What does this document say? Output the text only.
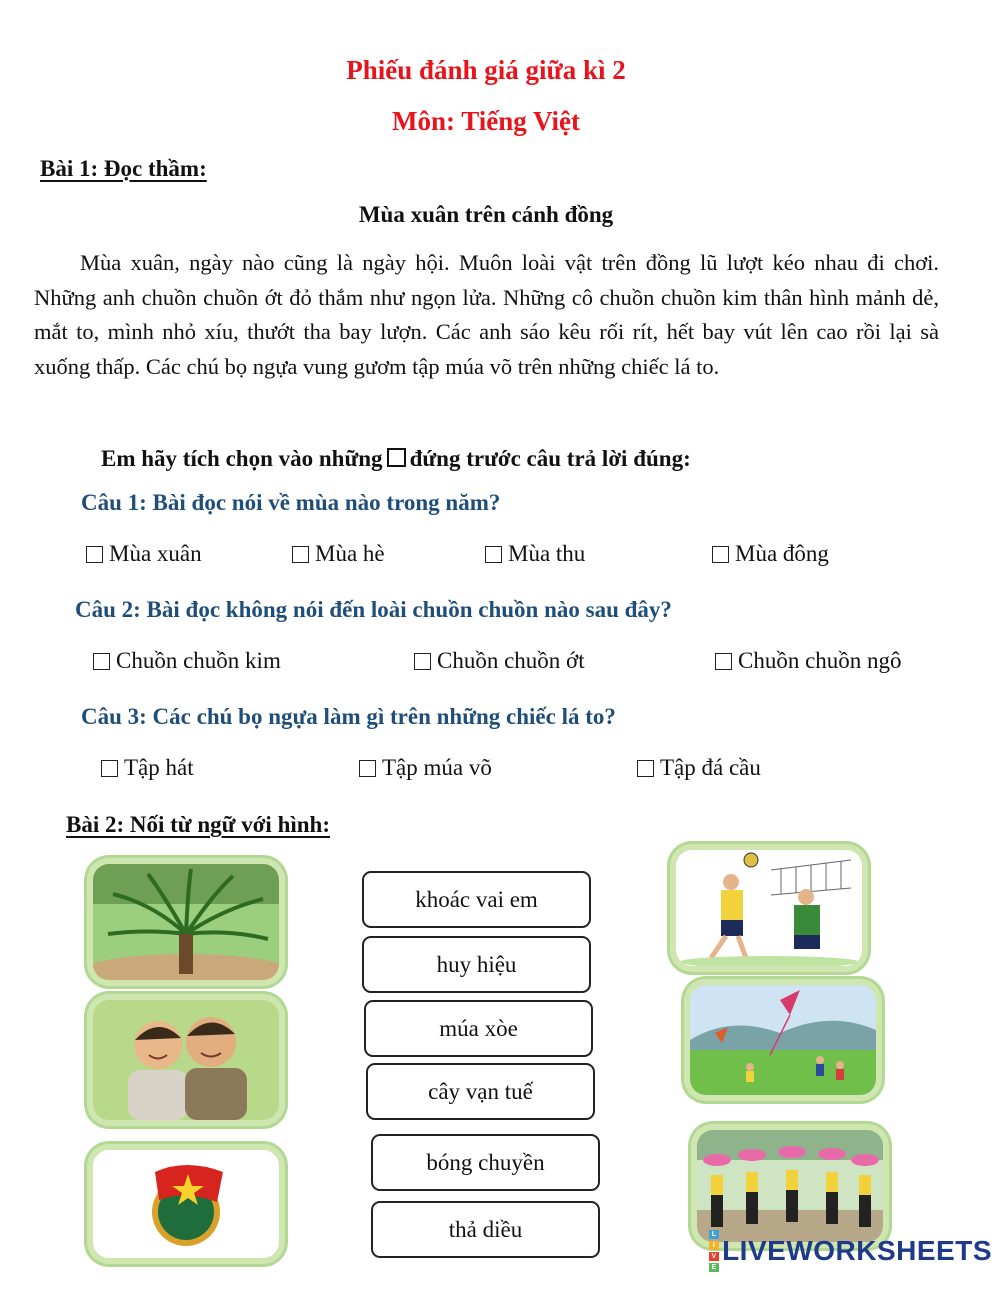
Phiếu đánh giá giữa kì 2
Môn: Tiếng Việt
Bài 1: Đọc thầm:
Mùa xuân trên cánh đồng
Mùa xuân, ngày nào cũng là ngày hội. Muôn loài vật trên đồng lũ lượt kéo nhau đi chơi. Những anh chuồn chuồn ớt đỏ thắm như ngọn lửa. Những cô chuồn chuồn kim thân hình mảnh dẻ, mắt to, mình nhỏ xíu, thướt tha bay lượn. Các anh sáo kêu rối rít, hết bay vút lên cao rồi lại sà xuống thấp. Các chú bọ ngựa vung gươm tập múa võ trên những chiếc lá to.
Em hãy tích chọn vào những đứng trước câu trả lời đúng:
Câu 1: Bài đọc nói về mùa nào trong năm?
Mùa xuân	Mùa hè	Mùa thu	Mùa đông
Câu 2: Bài đọc không nói đến loài chuồn chuồn nào sau đây?
Chuồn chuồn kim	Chuồn chuồn ớt	Chuồn chuồn ngô
Câu 3: Các chú bọ ngựa làm gì trên những chiếc lá to?
Tập hát	Tập múa võ	Tập đá cầu
Bài 2: Nối từ ngữ với hình:
khoác vai em
huy hiệu
múa xòe
cây vạn tuế
bóng chuyền
thả diều	L
I
V
E
LIVEWORKSHEETS
